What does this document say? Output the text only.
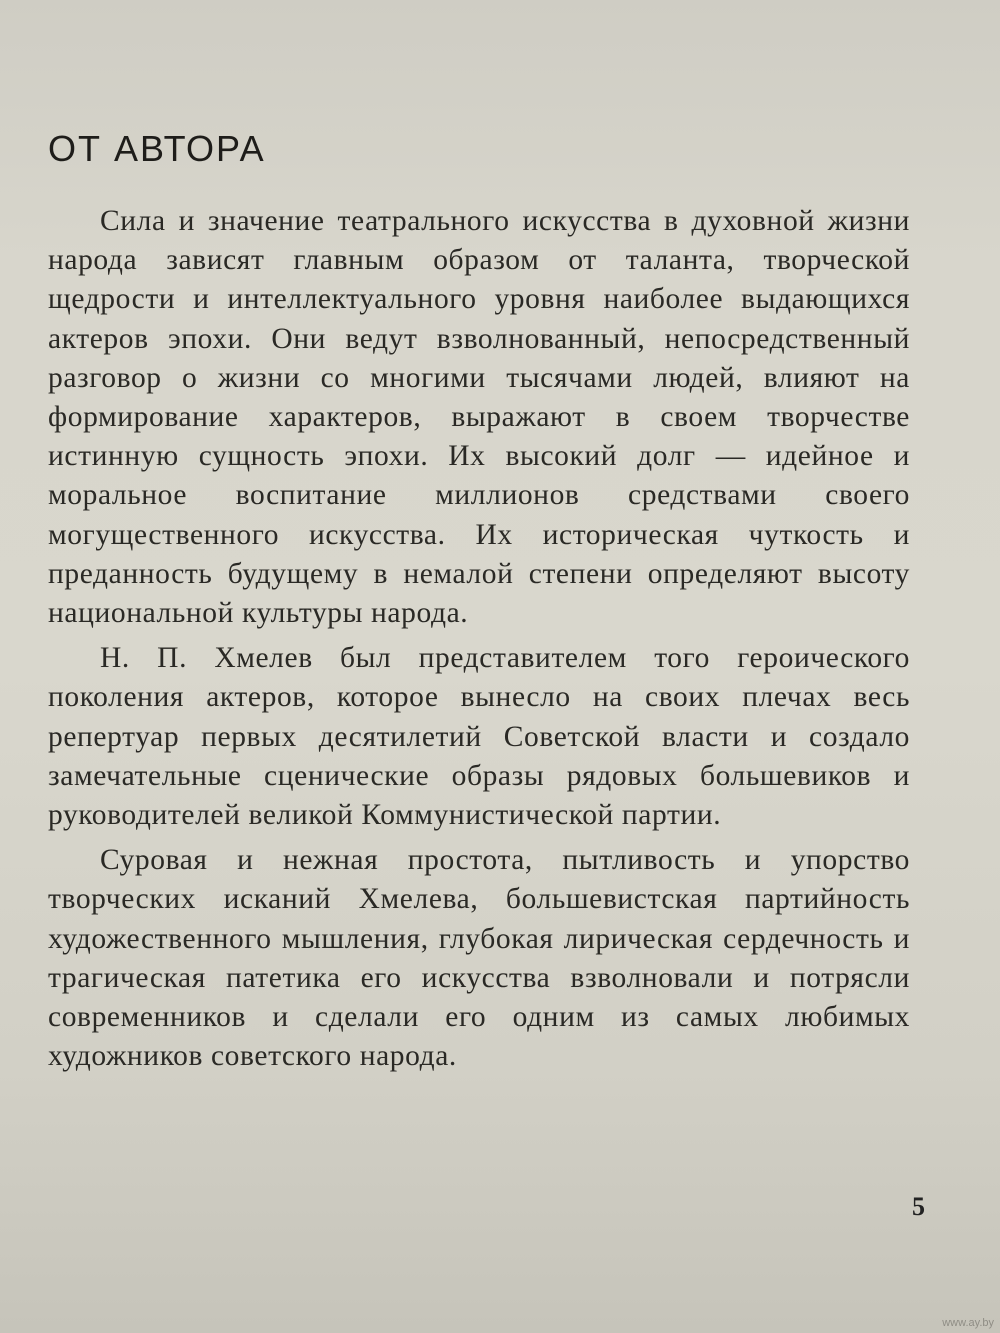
ОТ АВТОРА

Сила и значение театрального искусства в духовной жизни народа зависят главным образом от таланта, творческой щедрости и интеллектуального уровня наиболее выдающихся актеров эпохи. Они ведут взволнованный, непосредственный разговор о жизни со многими тысячами людей, влияют на формирование характеров, выражают в своем творчестве истинную сущность эпохи. Их высокий долг — идейное и моральное воспитание миллионов средствами своего могущественного искусства. Их историческая чуткость и преданность будущему в немалой степени определяют высоту национальной культуры народа.

Н. П. Хмелев был представителем того героического поколения актеров, которое вынесло на своих плечах весь репертуар первых десятилетий Советской власти и создало замечательные сценические образы рядовых большевиков и руководителей великой Коммунистической партии.

Суровая и нежная простота, пытливость и упорство творческих исканий Хмелева, большевистская партийность художественного мышления, глубокая лирическая сердечность и трагическая патетика его искусства взволновали и потрясли современников и сделали его одним из самых любимых художников советского народа.

5
www.ay.by
